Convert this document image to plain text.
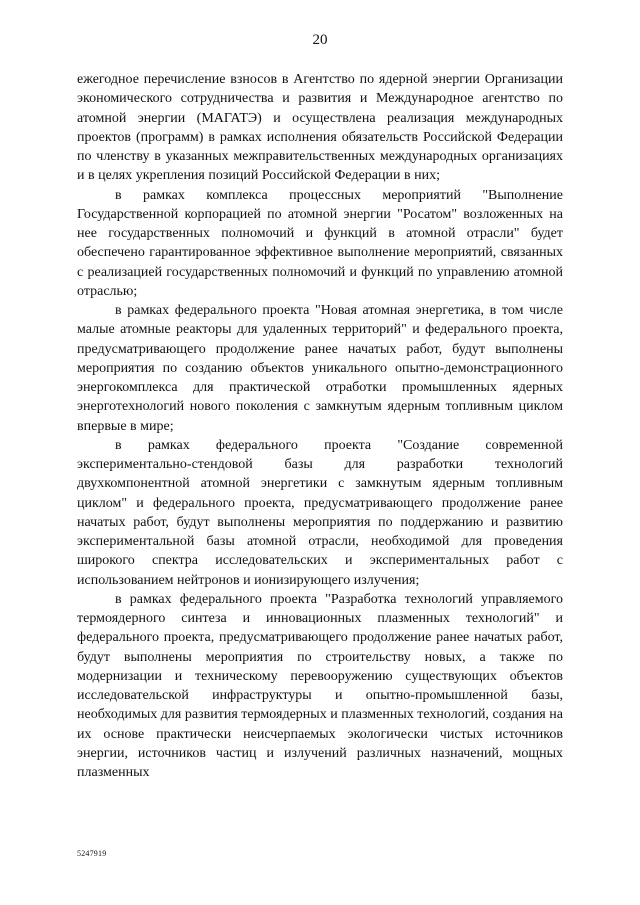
20

ежегодное перечисление взносов в Агентство по ядерной энергии Организации экономического сотрудничества и развития и Международное агентство по атомной энергии (МАГАТЭ) и осуществлена реализация международных проектов (программ) в рамках исполнения обязательств Российской Федерации по членству в указанных межправительственных международных организациях и в целях укрепления позиций Российской Федерации в них;

в рамках комплекса процессных мероприятий "Выполнение Государственной корпорацией по атомной энергии "Росатом" возложенных на нее государственных полномочий и функций в атомной отрасли" будет обеспечено гарантированное эффективное выполнение мероприятий, связанных с реализацией государственных полномочий и функций по управлению атомной отраслью;

в рамках федерального проекта "Новая атомная энергетика, в том числе малые атомные реакторы для удаленных территорий" и федерального проекта, предусматривающего продолжение ранее начатых работ, будут выполнены мероприятия по созданию объектов уникального опытно-демонстрационного энергокомплекса для практической отработки промышленных ядерных энерготехнологий нового поколения с замкнутым ядерным топливным циклом впервые в мире;

в рамках федерального проекта "Создание современной экспериментально-стендовой базы для разработки технологий двухкомпонентной атомной энергетики с замкнутым ядерным топливным циклом" и федерального проекта, предусматривающего продолжение ранее начатых работ, будут выполнены мероприятия по поддержанию и развитию экспериментальной базы атомной отрасли, необходимой для проведения широкого спектра исследовательских и экспериментальных работ с использованием нейтронов и ионизирующего излучения;

в рамках федерального проекта "Разработка технологий управляемого термоядерного синтеза и инновационных плазменных технологий" и федерального проекта, предусматривающего продолжение ранее начатых работ, будут выполнены мероприятия по строительству новых, а также по модернизации и техническому перевооружению существующих объектов исследовательской инфраструктуры и опытно-промышленной базы, необходимых для развития термоядерных и плазменных технологий, создания на их основе практически неисчерпаемых экологически чистых источников энергии, источников частиц и излучений различных назначений, мощных плазменных

5247919
